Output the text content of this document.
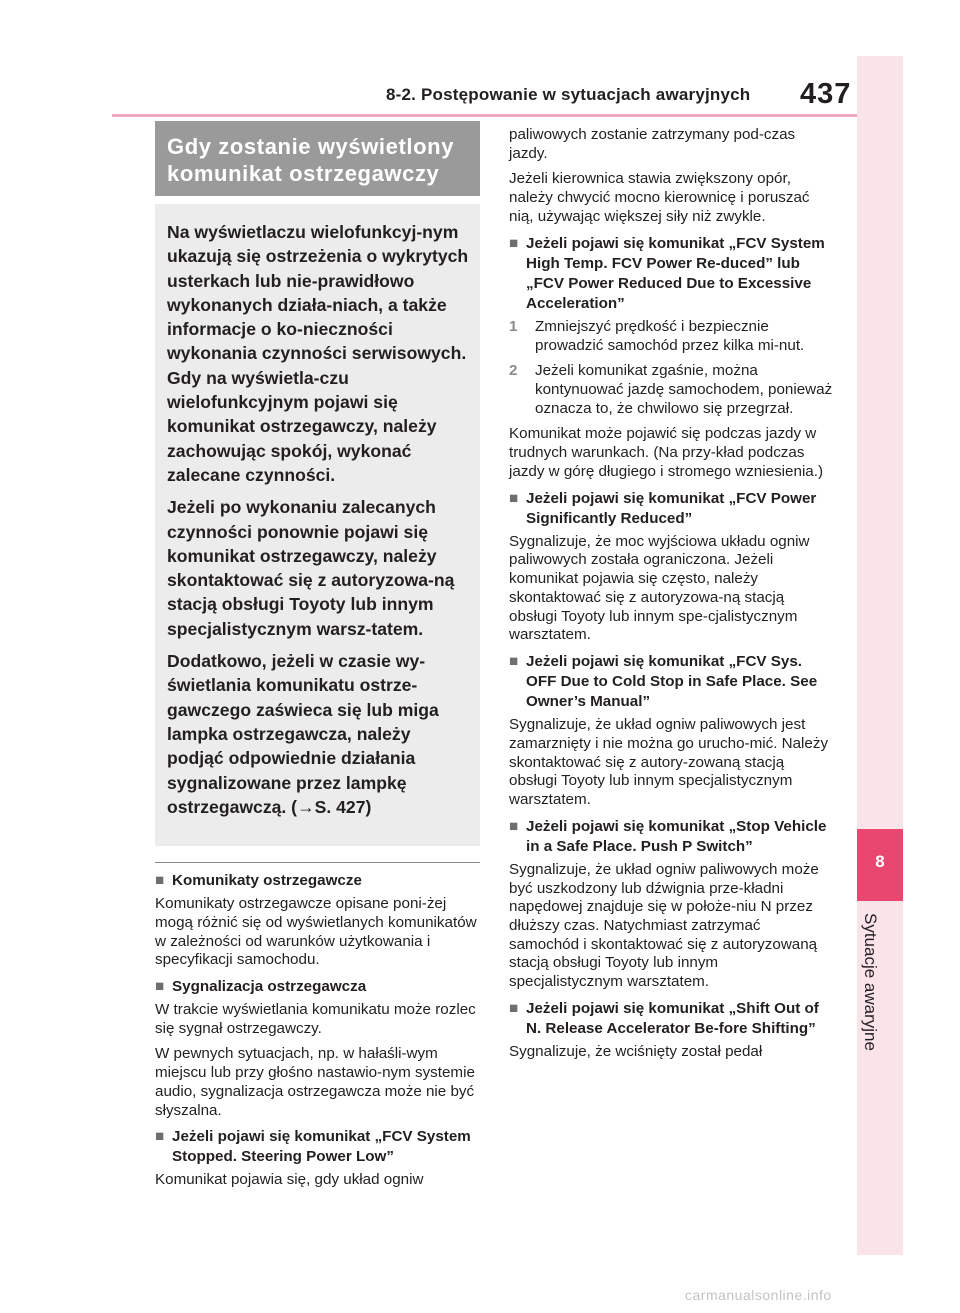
8-2. Postępowanie w sytuacjach awaryjnych 437
8
Sytuacje awaryjne
Gdy zostanie wyświetlony
komunikat ostrzegawczy

Na wyświetlaczu wielofunkcyj-nym ukazują się ostrzeżenia o wykrytych usterkach lub nie-prawidłowo wykonanych działa-niach, a także informacje o ko-nieczności wykonania czynności serwisowych. Gdy na wyświetla-czu wielofunkcyjnym pojawi się komunikat ostrzegawczy, należy zachowując spokój, wykonać zalecane czynności.

Jeżeli po wykonaniu zalecanych czynności ponownie pojawi się komunikat ostrzegawczy, należy skontaktować się z autoryzowa-ną stacją obsługi Toyoty lub innym specjalistycznym warsz-tatem.

Dodatkowo, jeżeli w czasie wy-świetlania komunikatu ostrze-gawczego zaświeca się lub miga lampka ostrzegawcza, należy podjąć odpowiednie działania sygnalizowane przez lampkę ostrzegawczą. (→S. 427)

■ Komunikaty ostrzegawcze

Komunikaty ostrzegawcze opisane poni-żej mogą różnić się od wyświetlanych komunikatów w zależności od warunków użytkowania i specyfikacji samochodu.

■ Sygnalizacja ostrzegawcza

W trakcie wyświetlania komunikatu może rozlec się sygnał ostrzegawczy.

W pewnych sytuacjach, np. w hałaśli-wym miejscu lub przy głośno nastawio-nym systemie audio, sygnalizacja ostrzegawcza może nie być słyszalna.

■ Jeżeli pojawi się komunikat „FCV System Stopped. Steering Power Low”

Komunikat pojawia się, gdy układ ogniw

paliwowych zostanie zatrzymany pod-czas jazdy.

Jeżeli kierownica stawia zwiększony opór, należy chwycić mocno kierownicę i poruszać nią, używając większej siły niż zwykle.

■ Jeżeli pojawi się komunikat „FCV System High Temp. FCV Power Re-duced” lub „FCV Power Reduced Due to Excessive Acceleration”
1	Zmniejszyć prędkość i bezpiecznie prowadzić samochód przez kilka mi-nut.
2	Jeżeli komunikat zgaśnie, można kontynuować jazdę samochodem, ponieważ oznacza to, że chwilowo się przegrzał.

Komunikat może pojawić się podczas jazdy w trudnych warunkach. (Na przy-kład podczas jazdy w górę długiego i stromego wzniesienia.)

■ Jeżeli pojawi się komunikat „FCV Power Significantly Reduced”

Sygnalizuje, że moc wyjściowa układu ogniw paliwowych została ograniczona. Jeżeli komunikat pojawia się często, należy skontaktować się z autoryzowa-ną stacją obsługi Toyoty lub innym spe-cjalistycznym warsztatem.

■ Jeżeli pojawi się komunikat „FCV Sys. OFF Due to Cold Stop in Safe Place. See Owner’s Manual”

Sygnalizuje, że układ ogniw paliwowych jest zamarznięty i nie można go urucho-mić. Należy skontaktować się z autory-zowaną stacją obsługi Toyoty lub innym specjalistycznym warsztatem.

■ Jeżeli pojawi się komunikat „Stop Vehicle in a Safe Place. Push P Switch”

Sygnalizuje, że układ ogniw paliwowych może być uszkodzony lub dźwignia prze-kładni napędowej znajduje się w położe-niu N przez dłuższy czas. Natychmiast zatrzymać samochód i skontaktować się z autoryzowaną stacją obsługi Toyoty lub innym specjalistycznym warsztatem.

■ Jeżeli pojawi się komunikat „Shift Out of N. Release Accelerator Be-fore Shifting”

Sygnalizuje, że wciśnięty został pedał

carmanualsonline.info
